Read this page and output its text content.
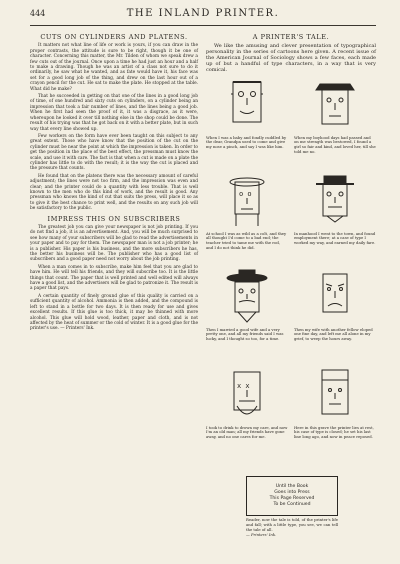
444	THE INLAND PRINTER.
CUTS ON CYLINDERS AND PLATENS.

It matters not what line of life or work is yours, if you can draw in the proper contrasts, the attitude is sure to be right, though it be one of character. Concerning this matter, the Mr. Tilden of whom we speak drew a few cuts out of the journal. Once upon a time he had just an hour and a half to make a drawing. Though he was an artist of a class not sure to do it ordinarily, he saw what he wanted, and as fate would have it, his face was set for a good long job of the thing, and drew on the last hour out of a crayon pencil for the cut. He sat to make the plate. He stopped at the table. What did he make?

That he succeeded in getting on that one of the lines in a good long job of time, of one hundred and sixty cuts on cylinders, on a cylinder being an impression that took a fair number of lines, and the lines being a good job. When he first had seen the proof of it, it was a disgrace, as it were, whereupon he looked it over till nothing else in the shop could be done. The result of his trying was that he got back on it with a better plate, but in such way that every line showed up.

Few workers on the form have ever been taught on this subject to any great extent. Those who have know that the position of the cut on the cylinder must be near the point at which the impression is taken. In order to get the position in the place of the best effect, the pressman must know the scale, and use it with care. The fact is that when a cut is made on a plate the cylinder has little to do with the result; it is the way the cut is placed and the pressure that counts.

He found that on the platens there was the necessary amount of careful adjustment; the lines were not too firm, and the impression was even and clear; and the printer could do a quantity with less trouble. That is well known to the men who do this kind of work, and the result is good. Any pressman who knows the kind of cut that suits the press, will place it so as to give it the best chance to print well, and the results on any such job will be satisfactory to the public.

IMPRESS THIS ON SUBSCRIBERS

The greatest job you can give your newspaper is not job printing. If you do not find a job, it is an advertisement. And, you will be much surprised to see how many of your subscribers will be glad to read the advertisements in your paper and to pay for them. The newspaper man is not a job printer; he is a publisher. His paper is his business, and the more subscribers he has, the better his business will be. The publisher who has a good list of subscribers and a good paper need not worry about the job printing.

When a man comes in to subscribe, make him feel that you are glad to have him. He will tell his friends, and they will subscribe too. It is the little things that count. The paper that is well printed and well edited will always have a good list, and the advertisers will be glad to patronize it. The result is a paper that pays.

A certain quantity of finely ground glue of this quality is carried on a sufficient quantity of alcohol. Ammonia is then added, and the compound is left to stand in a bottle for two days. It is then ready for use and gives excellent results. If this glue is too thick, it may be thinned with more alcohol. This glue will hold wood, leather, paper and cloth, and is not affected by the heat of summer or the cold of winter. It is a good glue for the printer's use. — Printers' Ink.

A PRINTER'S TALE.

We like the amusing and clever presentation of typographical personality in the series of cartoons here given. A recent issue of the American Journal of Sociology shows a few faces, each made up of but a handful of type characters, in a way that is very comical.

When I was a baby and fondly cuddled by the dear, Grandpa used to come and give my nose a pinch, and say I was like him.
When my boyhood days had passed and on me strength was bestowed, I found a girl so fair and kind, and loved her, till she told me no.
o o
At school I was as wild as a colt, and they all thought I'd come to a bad end; the teacher tried to tame me with the rod, and I do not think he did.
In manhood I went to the town, and found employment there; at a case of type I worked my way, and earned my daily fare.
Then I married a good wife and a very pretty one, and all my friends said I was lucky, and I thought so too, for a time.
Then my wife with another fellow eloped one fine day, and left me all alone in my grief, to weep the hours away.
x x
I took to drink to drown my care, and now I'm an old man; all my friends have gone away, and no one cares for me.
Here in this grave the printer lies at rest, his case of type is closed; he set his last line long ago, and now in peace reposed.
Until the Book
Goes into Press
This Page Reserved
To be Continued
Reader, now the tale is told, of the printer's life and fall; with a little type, you see, we can tell the tale of all.
— Printers' Ink.
